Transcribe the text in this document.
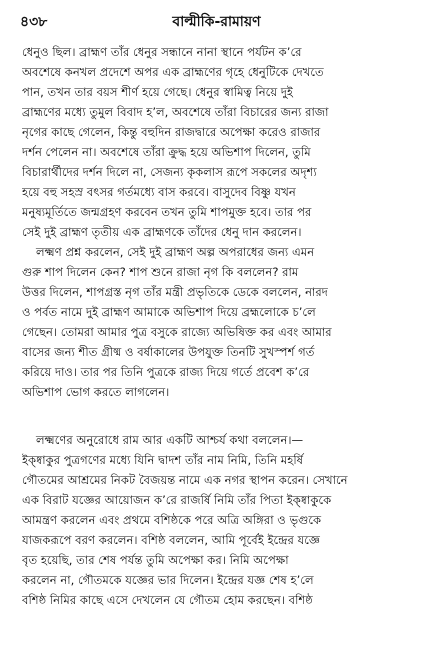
৪৩৮	বাল্মীকি-রামায়ণ
ধেনুও ছিল। ব্রাহ্মণ তাঁর ধেনুর সন্ধানে নানা স্থানে পর্যটন ক’রে
অবশেষে কনখল প্রদেশে অপর এক ব্রাহ্মণের গৃহে ধেনুটিকে দেখতে
পান, তখন তার বয়স শীর্ণ হয়ে গেছে। ধেনুর স্বামিত্ব নিয়ে দুই
ব্রাহ্মণের মধ্যে তুমুল বিবাদ হ’ল, অবশেষে তাঁরা বিচারের জন্য রাজা
নৃগের কাছে গেলেন, কিন্তু বহুদিন রাজদ্বারে অপেক্ষা করেও রাজার
দর্শন পেলেন না। অবশেষে তাঁরা ক্রুদ্ধ হয়ে অভিশাপ দিলেন, তুমি
বিচারার্থীদের দর্শন দিলে না, সেজন্য কৃকলাস রূপে সকলের অদৃশ্য
হয়ে বহু সহস্র বৎসর গর্তমধ্যে বাস করবে। বাসুদেব বিষ্ণু যখন
মনুষ্যমূর্তিতে জন্মগ্রহণ করবেন তখন তুমি শাপমুক্ত হবে। তার পর
সেই দুই ব্রাহ্মণ তৃতীয় এক ব্রাহ্মণকে তাঁদের ধেনু দান করলেন।
লক্ষ্মণ প্রশ্ন করলেন, সেই দুই ব্রাহ্মণ অল্প অপরাধের জন্য এমন
গুরু শাপ দিলেন কেন? শাপ শুনে রাজা নৃগ কি বললেন? রাম
উত্তর দিলেন, শাপগ্রস্ত নৃগ তাঁর মন্ত্রী প্রভৃতিকে ডেকে বললেন, নারদ
ও পর্বত নামে দুই ব্রাহ্মণ আমাকে অভিশাপ দিয়ে ব্রহ্মলোকে চ’লে
গেছেন। তোমরা আমার পুত্র বসুকে রাজ্যে অভিষিক্ত কর এবং আমার
বাসের জন্য শীত গ্রীষ্ম ও বর্ষাকালের উপযুক্ত তিনটি সুখস্পর্শ গর্ত
করিয়ে দাও। তার পর তিনি পুত্রকে রাজ্য দিয়ে গর্তে প্রবেশ ক’রে
অভিশাপ ভোগ করতে লাগলেন।
লক্ষ্মণের অনুরোধে রাম আর একটি আশ্চর্য কথা বললেন।—
ইক্ষ্বাকুর পুত্রগণের মধ্যে যিনি দ্বাদশ তাঁর নাম নিমি, তিনি মহর্ষি
গৌতমের আশ্রমের নিকট বৈজয়ন্ত নামে এক নগর স্থাপন করেন। সেখানে
এক বিরাট যজ্ঞের আয়োজন ক’রে রাজর্ষি নিমি তাঁর পিতা ইক্ষ্বাকুকে
আমন্ত্রণ করলেন এবং প্রথমে বশিষ্ঠকে পরে অত্রি অঙ্গিরা ও ভৃগুকে
যাজকরূপে বরণ করলেন। বশিষ্ঠ বললেন, আমি পূর্বেই ইন্দ্রের যজ্ঞে
বৃত হয়েছি, তার শেষ পর্যন্ত তুমি অপেক্ষা কর। নিমি অপেক্ষা
করলেন না, গৌতমকে যজ্ঞের ভার দিলেন। ইন্দ্রের যজ্ঞ শেষ হ’লে
বশিষ্ঠ নিমির কাছে এসে দেখলেন যে গৌতম হোম করছেন। বশিষ্ঠ
